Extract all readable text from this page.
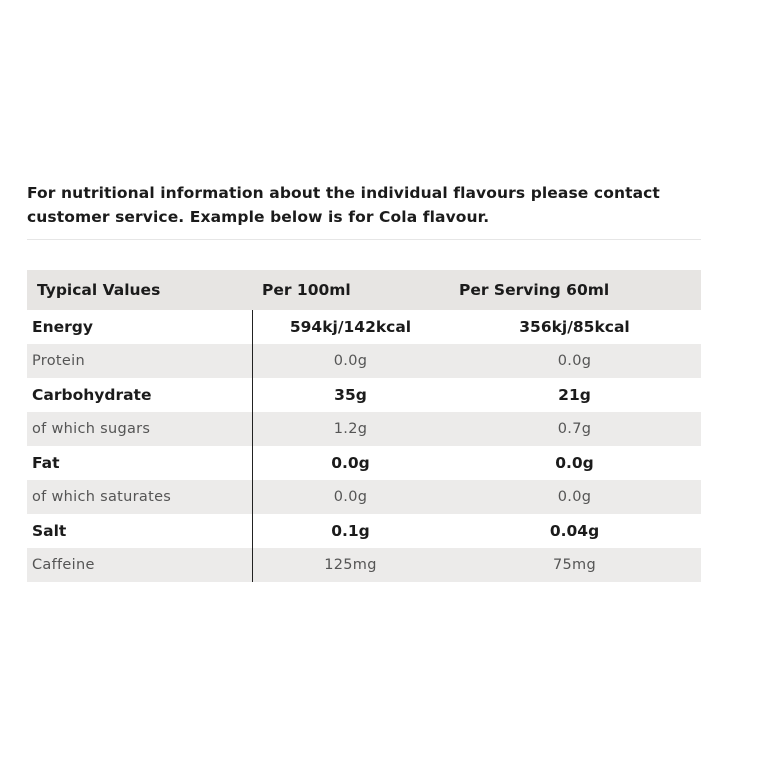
For nutritional information about the individual flavours please contact
customer service. Example below is for Cola flavour.
Typical Values	Per 100ml	Per Serving 60ml
Energy	594kj/142kcal	356kj/85kcal
Protein	0.0g	0.0g
Carbohydrate	35g	21g
of which sugars	1.2g	0.7g
Fat	0.0g	0.0g
of which saturates	0.0g	0.0g
Salt	0.1g	0.04g
Caffeine	125mg	75mg
